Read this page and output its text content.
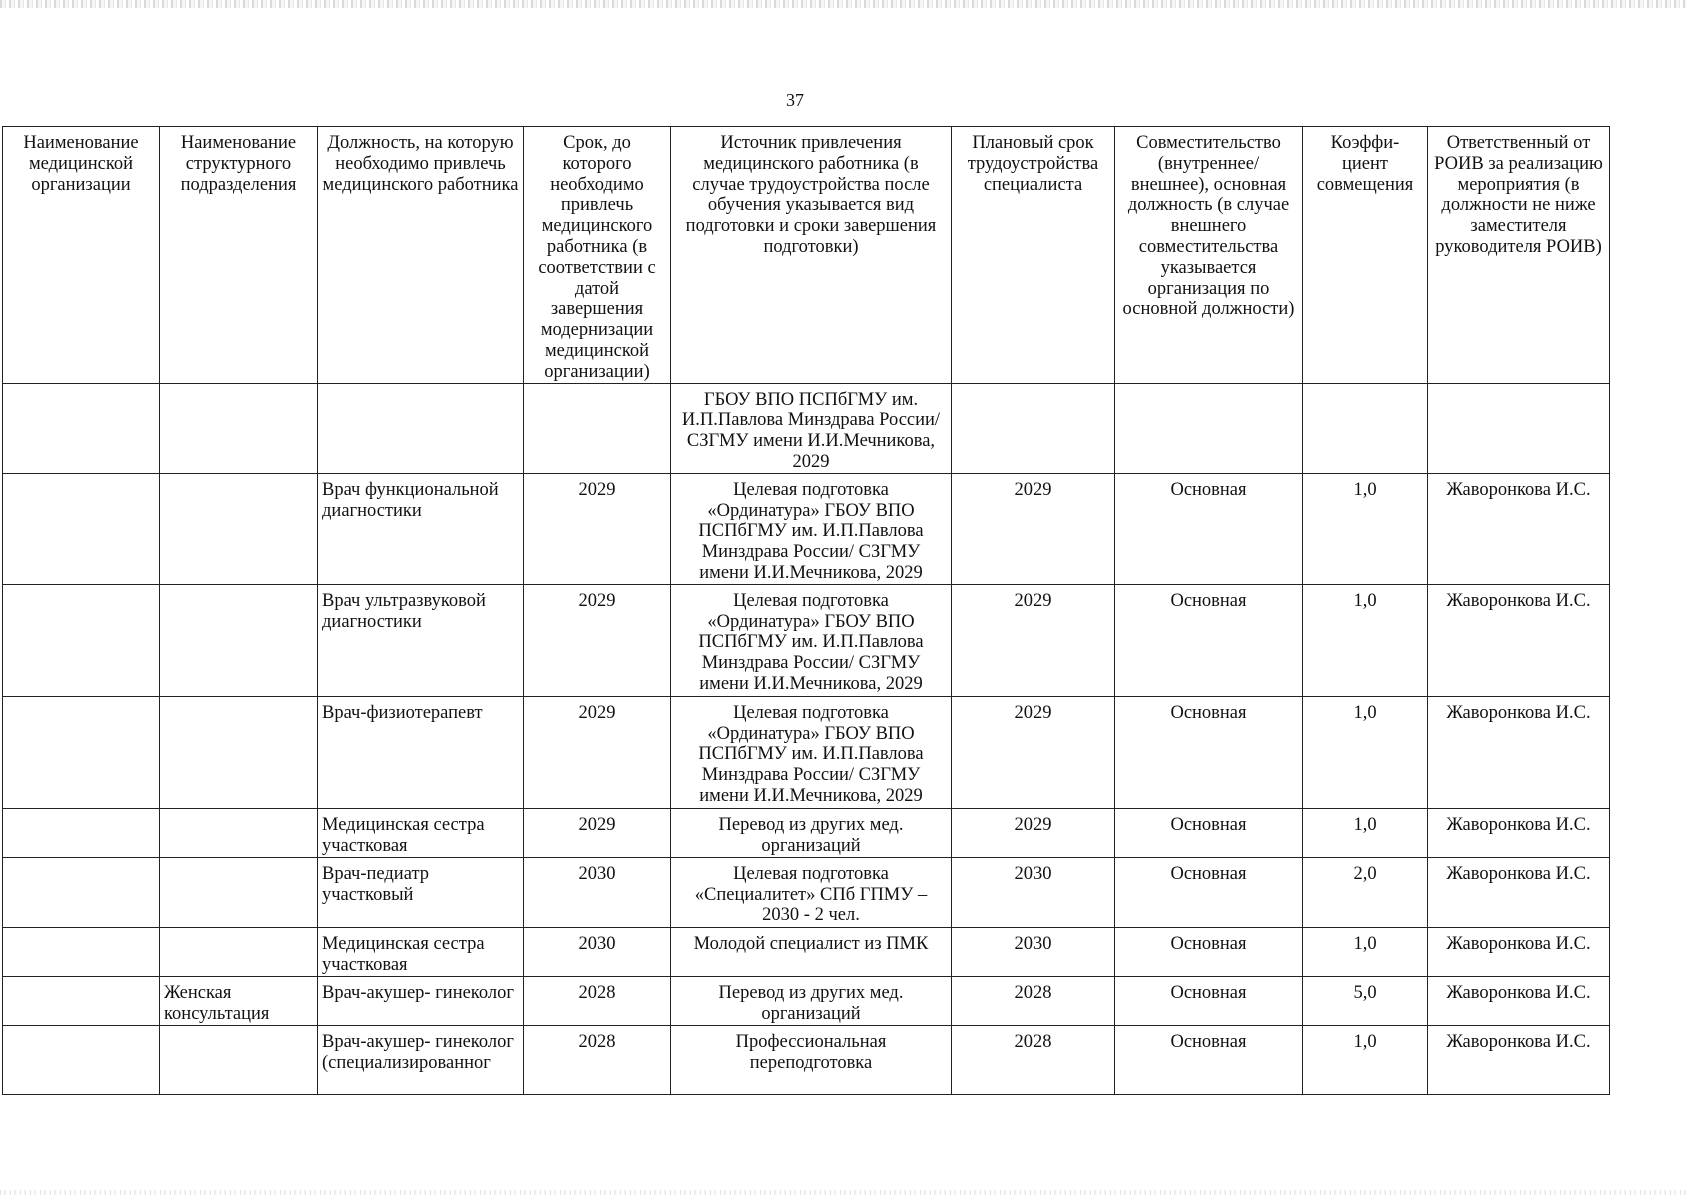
37
Наименование медицинской организации	Наименование структурного подразделения	Должность, на которую необходимо привлечь медицинского работника	Срок, до которого необходимо привлечь медицинского работника (в соответствии с датой завершения модернизации медицинской организации)	Источник привлечения медицинского работника (в случае трудоустройства после обучения указывается вид подготовки и сроки завершения подготовки)	Плановый срок трудоустройства специалиста	Совместительство (внутреннее/ внешнее), основная должность (в случае внешнего совместительства указывается организация по основной должности)	Коэффи- циент совмещения	Ответственный от РОИВ за реализацию мероприятия (в должности не ниже заместителя руководителя РОИВ)
				ГБОУ ВПО ПСПбГМУ им. И.П.Павлова Минздрава России/ СЗГМУ имени И.И.Мечникова, 2029				
		Врач функциональной диагностики	2029	Целевая подготовка «Ординатура» ГБОУ ВПО ПСПбГМУ им. И.П.Павлова Минздрава России/ СЗГМУ имени И.И.Мечникова, 2029	2029	Основная	1,0	Жаворонкова И.С.
		Врач ультразвуковой диагностики	2029	Целевая подготовка «Ординатура» ГБОУ ВПО ПСПбГМУ им. И.П.Павлова Минздрава России/ СЗГМУ имени И.И.Мечникова, 2029	2029	Основная	1,0	Жаворонкова И.С.
		Врач-физиотерапевт	2029	Целевая подготовка «Ординатура» ГБОУ ВПО ПСПбГМУ им. И.П.Павлова Минздрава России/ СЗГМУ имени И.И.Мечникова, 2029	2029	Основная	1,0	Жаворонкова И.С.
		Медицинская сестра участковая	2029	Перевод из других мед. организаций	2029	Основная	1,0	Жаворонкова И.С.
		Врач-педиатр участковый	2030	Целевая подготовка «Специалитет» СПб ГПМУ – 2030 - 2 чел.	2030	Основная	2,0	Жаворонкова И.С.
		Медицинская сестра участковая	2030	Молодой специалист из ПМК	2030	Основная	1,0	Жаворонкова И.С.
	Женская консультация	Врач-акушер- гинеколог	2028	Перевод из других мед. организаций	2028	Основная	5,0	Жаворонкова И.С.
		Врач-акушер- гинеколог (специализированног	2028	Профессиональная переподготовка	2028	Основная	1,0	Жаворонкова И.С.
